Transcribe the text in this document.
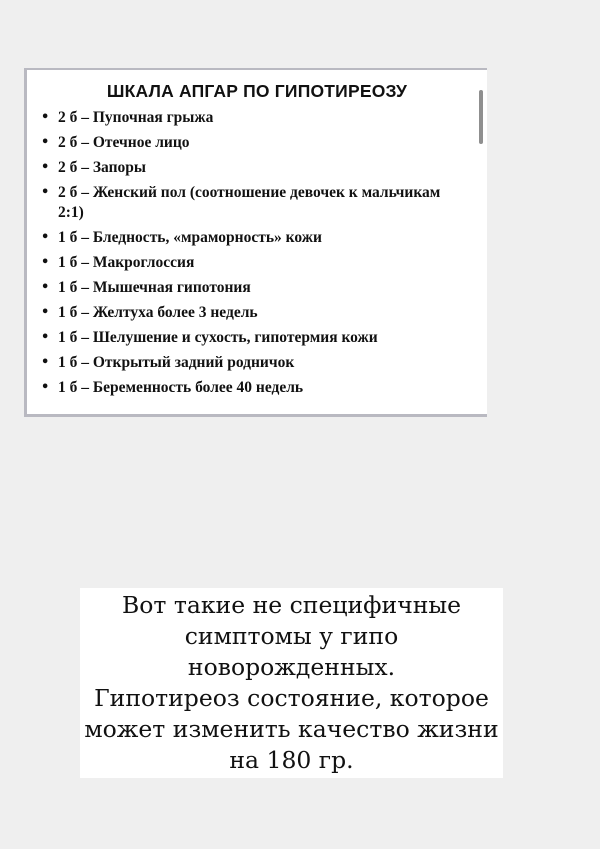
ШКАЛА АПГАР ПО ГИПОТИРЕОЗУ
• 2 б – Пупочная грыжа
• 2 б – Отечное лицо
• 2 б – Запоры
• 2 б – Женский пол (соотношение девочек к мальчикам 2:1)
• 1 б – Бледность, «мраморность» кожи
• 1 б – Макроглоссия
• 1 б – Мышечная гипотония
• 1 б – Желтуха более 3 недель
• 1 б – Шелушение и сухость, гипотермия кожи
• 1 б – Открытый задний родничок
• 1 б – Беременность более 40 недель

Вот такие не специфичные
симптомы у гипо
новорожденных.
Гипотиреоз состояние, которое
может изменить качество жизни
на 180 гр.
